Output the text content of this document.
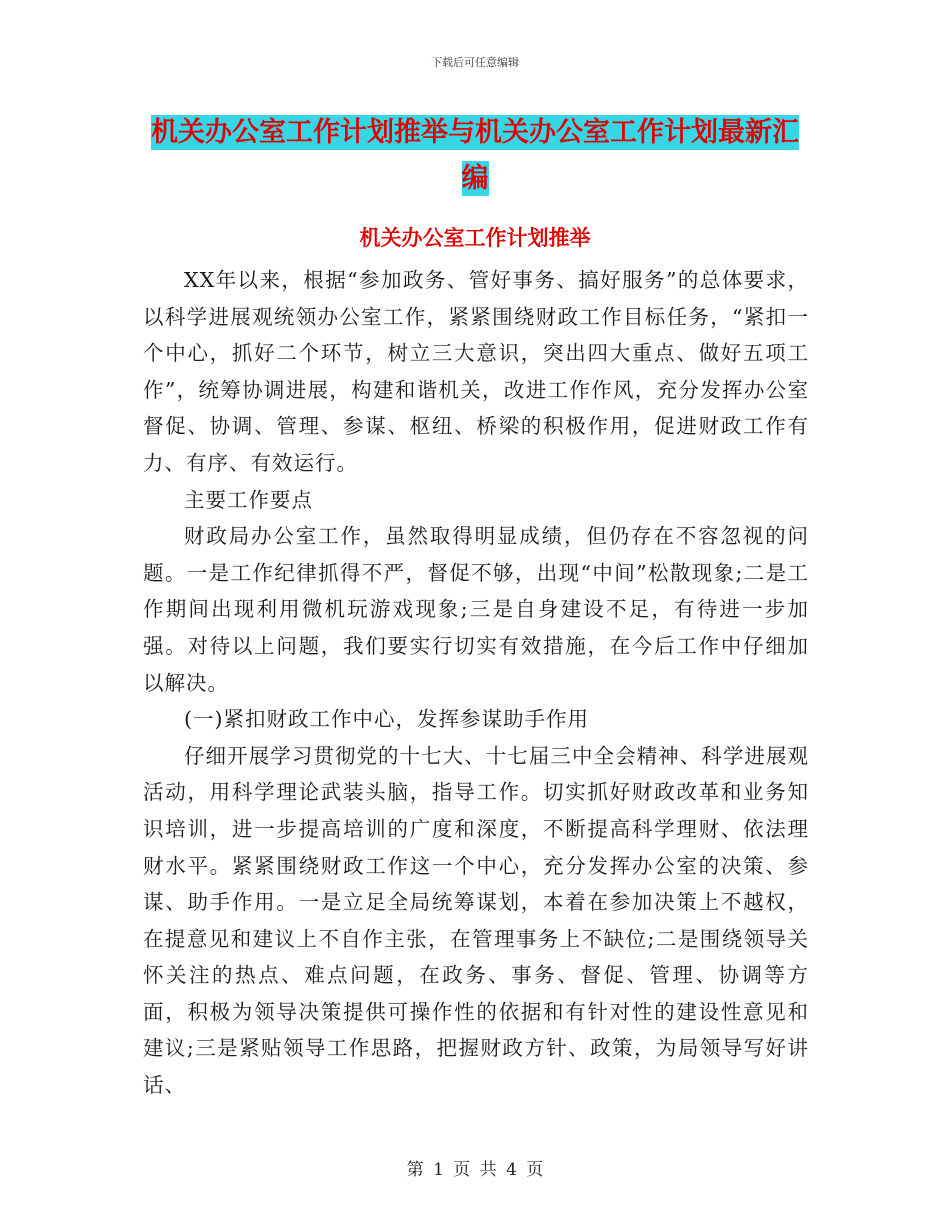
下载后可任意编辑
机关办公室工作计划推举与机关办公室工作计划最新汇编
机关办公室工作计划推举

XX年以来，根据“参加政务、管好事务、搞好服务”的总体要求，以科学进展观统领办公室工作，紧紧围绕财政工作目标任务，“紧扣一个中心，抓好二个环节，树立三大意识，突出四大重点、做好五项工作”，统筹协调进展，构建和谐机关，改进工作作风，充分发挥办公室督促、协调、管理、参谋、枢纽、桥梁的积极作用，促进财政工作有力、有序、有效运行。

主要工作要点

财政局办公室工作，虽然取得明显成绩，但仍存在不容忽视的问题。一是工作纪律抓得不严，督促不够，出现“中间”松散现象;二是工作期间出现利用微机玩游戏现象;三是自身建设不足，有待进一步加强。对待以上问题，我们要实行切实有效措施，在今后工作中仔细加以解决。

(一)紧扣财政工作中心，发挥参谋助手作用

仔细开展学习贯彻党的十七大、十七届三中全会精神、科学进展观活动，用科学理论武装头脑，指导工作。切实抓好财政改革和业务知识培训，进一步提高培训的广度和深度，不断提高科学理财、依法理财水平。紧紧围绕财政工作这一个中心，充分发挥办公室的决策、参谋、助手作用。一是立足全局统筹谋划，本着在参加决策上不越权，在提意见和建议上不自作主张，在管理事务上不缺位;二是围绕领导关怀关注的热点、难点问题，在政务、事务、督促、管理、协调等方面，积极为领导决策提供可操作性的依据和有针对性的建设性意见和建议;三是紧贴领导工作思路，把握财政方针、政策，为局领导写好讲话、

第 1 页 共 4 页
